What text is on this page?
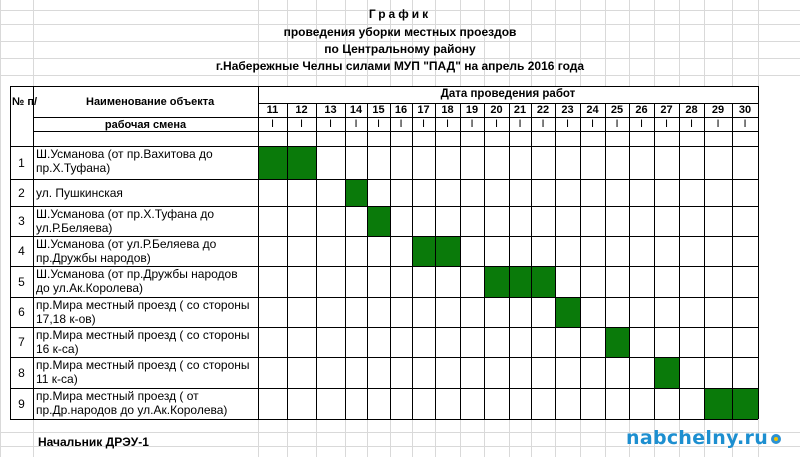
График
проведения уборки местных проездов
по Центральному району
г.Набережные Челны силами МУП "ПАД" на апрель 2016 года
№ п/	Наименование объекта
Дата проведения работ
рабочая смена
11
I
12
I
13
I
14
I
15
I
16
I
17
I
18
I
19
I
20
I
21
I
22
I
23
I
24
I
25
I
26
I
27
I
28
I
29
I
30
I
1
Ш.Усманова (от пр.Вахитова до
пр.Х.Туфана)
2 ул. Пушкинская
3 Ш.Усманова (от пр.Х.Туфана до
ул.Р.Беляева)
4 Ш.Усманова (от ул.Р.Беляева до
пр.Дружбы народов)
5
Ш.Усманова (от пр.Дружбы народов
до ул.Ак.Королева)
6 пр.Мира местный проезд ( со стороны
17,18 к-ов)
7 пр.Мира местный проезд ( со стороны
16 к-са)
8
пр.Мира местный проезд ( со стороны
11 к-са)
9
пр.Мира местный проезд ( от
пр.Др.народов до ул.Ак.Королева)
Начальник ДРЭУ-1	nabchelny.ru
